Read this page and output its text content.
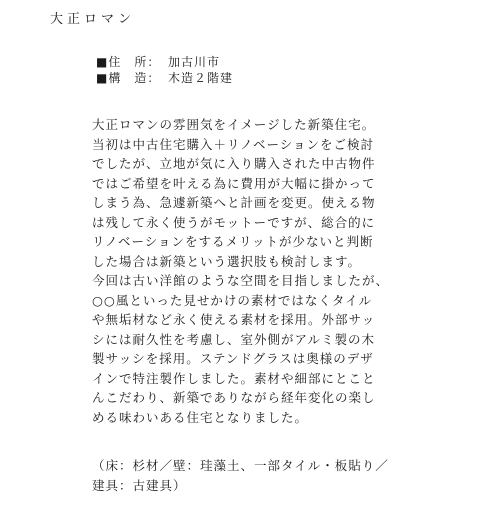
大正ロマン
■住　所： 加古川市
■構　造： 木造２階建
大正ロマンの雰囲気をイメージした新築住宅。
当初は中古住宅購入＋リノベーションをご検討
でしたが、立地が気に入り購入された中古物件
ではご希望を叶える為に費用が大幅に掛かって
しまう為、急遽新築へと計画を変更。使える物
は残して永く使うがモットーですが、総合的に
リノベーションをするメリットが少ないと判断
した場合は新築という選択肢も検討します。
今回は古い洋館のような空間を目指しましたが、
○○風といった見せかけの素材ではなくタイル
や無垢材など永く使える素材を採用。外部サッ
シには耐久性を考慮し、室外側がアルミ製の木
製サッシを採用。ステンドグラスは奥様のデザ
インで特注製作しました。素材や細部にとこと
んこだわり、新築でありながら経年変化の楽し
める味わいある住宅となりました。
（床：杉材／壁：珪藻土、一部タイル・板貼り／
建具：古建具）
